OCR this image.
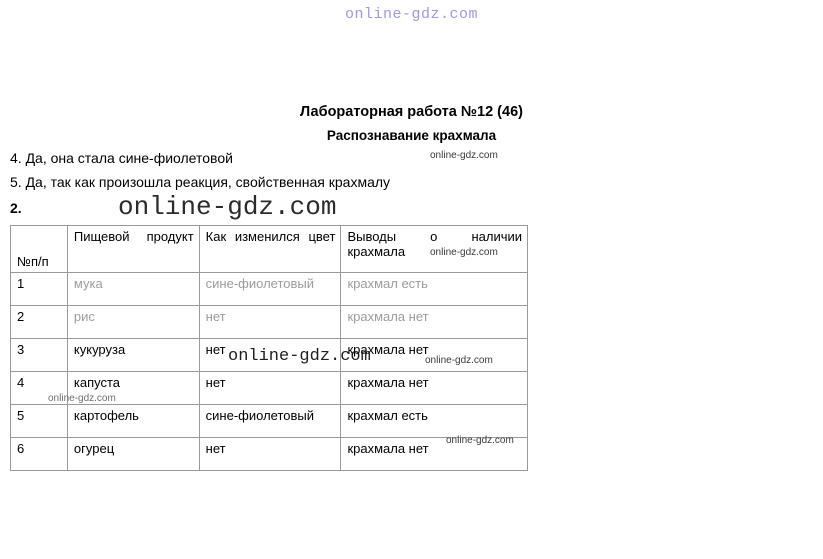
online-gdz.com
Лабораторная работа №12 (46)
Распознавание крахмала
online-gdz.com
4. Да, она стала сине-фиолетовой
5. Да, так как произошла реакция, свойственная крахмалу
2.	online-gdz.com
№п/п	Пищевой продукт	Как изменился цвет	Выводы о наличии крахмала

1	мука	сине-фиолетовый	крахмал есть
2	рис	нет	крахмала нет
3	кукуруза	нет	крахмала нет
4	капуста	нет	крахмала нет
5	картофель	сине-фиолетовый	крахмал есть
6	огурец	нет	крахмала нет
online-gdz.com
online-gdz.com	online-gdz.com
online-gdz.com
online-gdz.com
